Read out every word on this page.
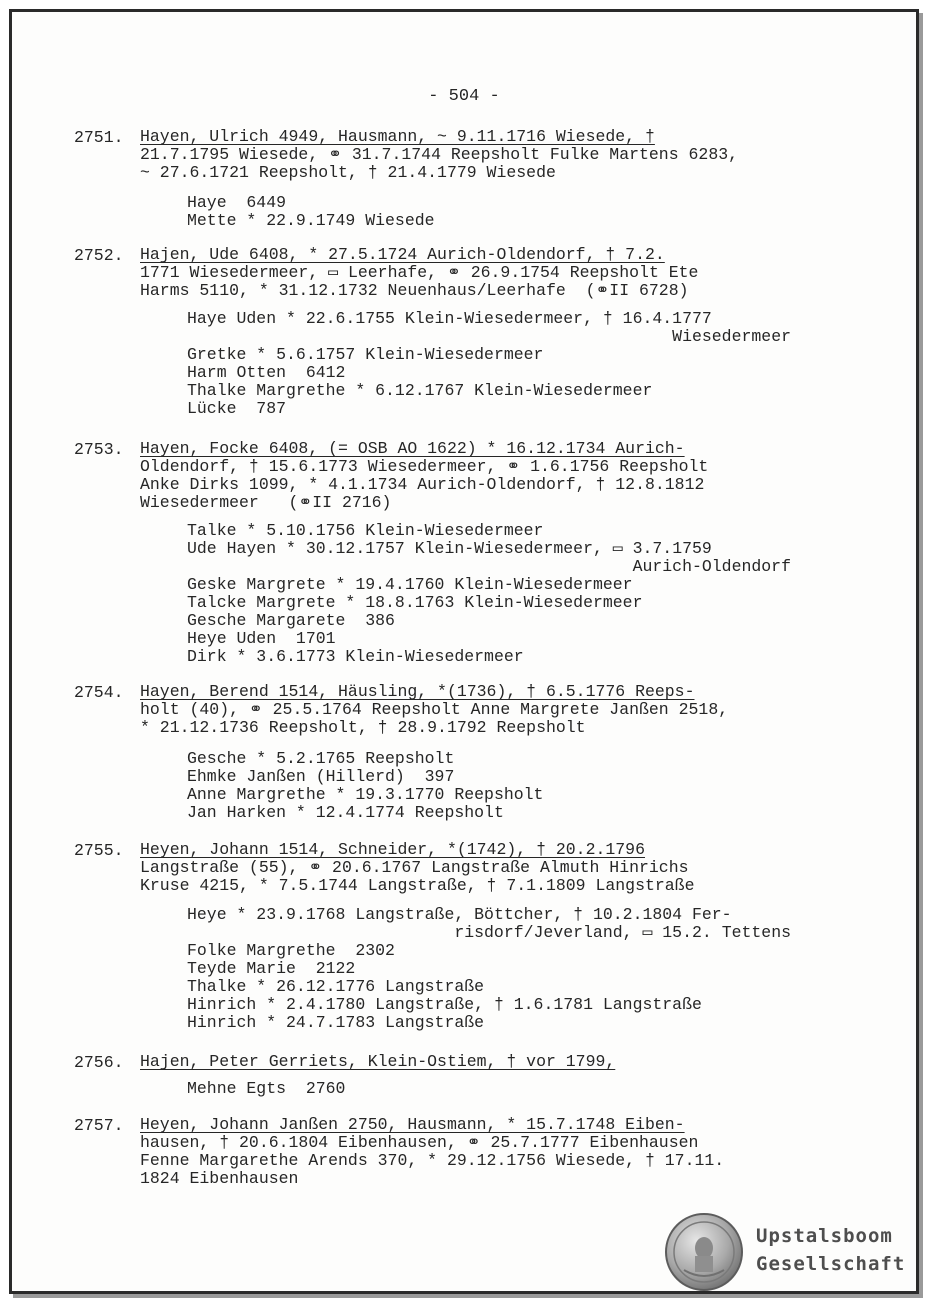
- 504 -
2751. Hayen, Ulrich 4949, Hausmann, ~ 9.11.1716 Wiesede, †
21.7.1795 Wiesede, ⚭ 31.7.1744 Reepsholt Fulke Martens 6283,
~ 27.6.1721 Reepsholt, † 21.4.1779 Wiesede
Haye  6449
Mette * 22.9.1749 Wiesede
2752. Hajen, Ude 6408, * 27.5.1724 Aurich-Oldendorf, † 7.2.
1771 Wiesedermeer, ▭ Leerhafe, ⚭ 26.9.1754 Reepsholt Ete
Harms 5110, * 31.12.1732 Neuenhaus/Leerhafe  (⚭II 6728)
Haye Uden * 22.6.1755 Klein-Wiesedermeer, † 16.4.1777
Wiesedermeer
Gretke * 5.6.1757 Klein-Wiesedermeer
Harm Otten  6412
Thalke Margrethe * 6.12.1767 Klein-Wiesedermeer
Lücke  787
2753. Hayen, Focke 6408, (= OSB AO 1622) * 16.12.1734 Aurich-
Oldendorf, † 15.6.1773 Wiesedermeer, ⚭ 1.6.1756 Reepsholt
Anke Dirks 1099, * 4.1.1734 Aurich-Oldendorf, † 12.8.1812
Wiesedermeer   (⚭II 2716)
Talke * 5.10.1756 Klein-Wiesedermeer
Ude Hayen * 30.12.1757 Klein-Wiesedermeer, ▭ 3.7.1759
Aurich-Oldendorf
Geske Margrete * 19.4.1760 Klein-Wiesedermeer
Talcke Margrete * 18.8.1763 Klein-Wiesedermeer
Gesche Margarete  386
Heye Uden  1701
Dirk * 3.6.1773 Klein-Wiesedermeer
2754. Hayen, Berend 1514, Häusling, *(1736), † 6.5.1776 Reeps-
holt (40), ⚭ 25.5.1764 Reepsholt Anne Margrete Janßen 2518,
* 21.12.1736 Reepsholt, † 28.9.1792 Reepsholt
Gesche * 5.2.1765 Reepsholt
Ehmke Janßen (Hillerd)  397
Anne Margrethe * 19.3.1770 Reepsholt
Jan Harken * 12.4.1774 Reepsholt
2755. Heyen, Johann 1514, Schneider, *(1742), † 20.2.1796
Langstraße (55), ⚭ 20.6.1767 Langstraße Almuth Hinrichs
Kruse 4215, * 7.5.1744 Langstraße, † 7.1.1809 Langstraße
Heye * 23.9.1768 Langstraße, Böttcher, † 10.2.1804 Fer-
risdorf/Jeverland, ▭ 15.2. Tettens
Folke Margrethe  2302
Teyde Marie  2122
Thalke * 26.12.1776 Langstraße
Hinrich * 2.4.1780 Langstraße, † 1.6.1781 Langstraße
Hinrich * 24.7.1783 Langstraße
2756. Hajen, Peter Gerriets, Klein-Ostiem, † vor 1799,
Mehne Egts  2760
2757. Heyen, Johann Janßen 2750, Hausmann, * 15.7.1748 Eiben-
hausen, † 20.6.1804 Eibenhausen, ⚭ 25.7.1777 Eibenhausen
Fenne Margarethe Arends 370, * 29.12.1756 Wiesede, † 17.11.
1824 Eibenhausen
Upstalsboom
Gesellschaft
